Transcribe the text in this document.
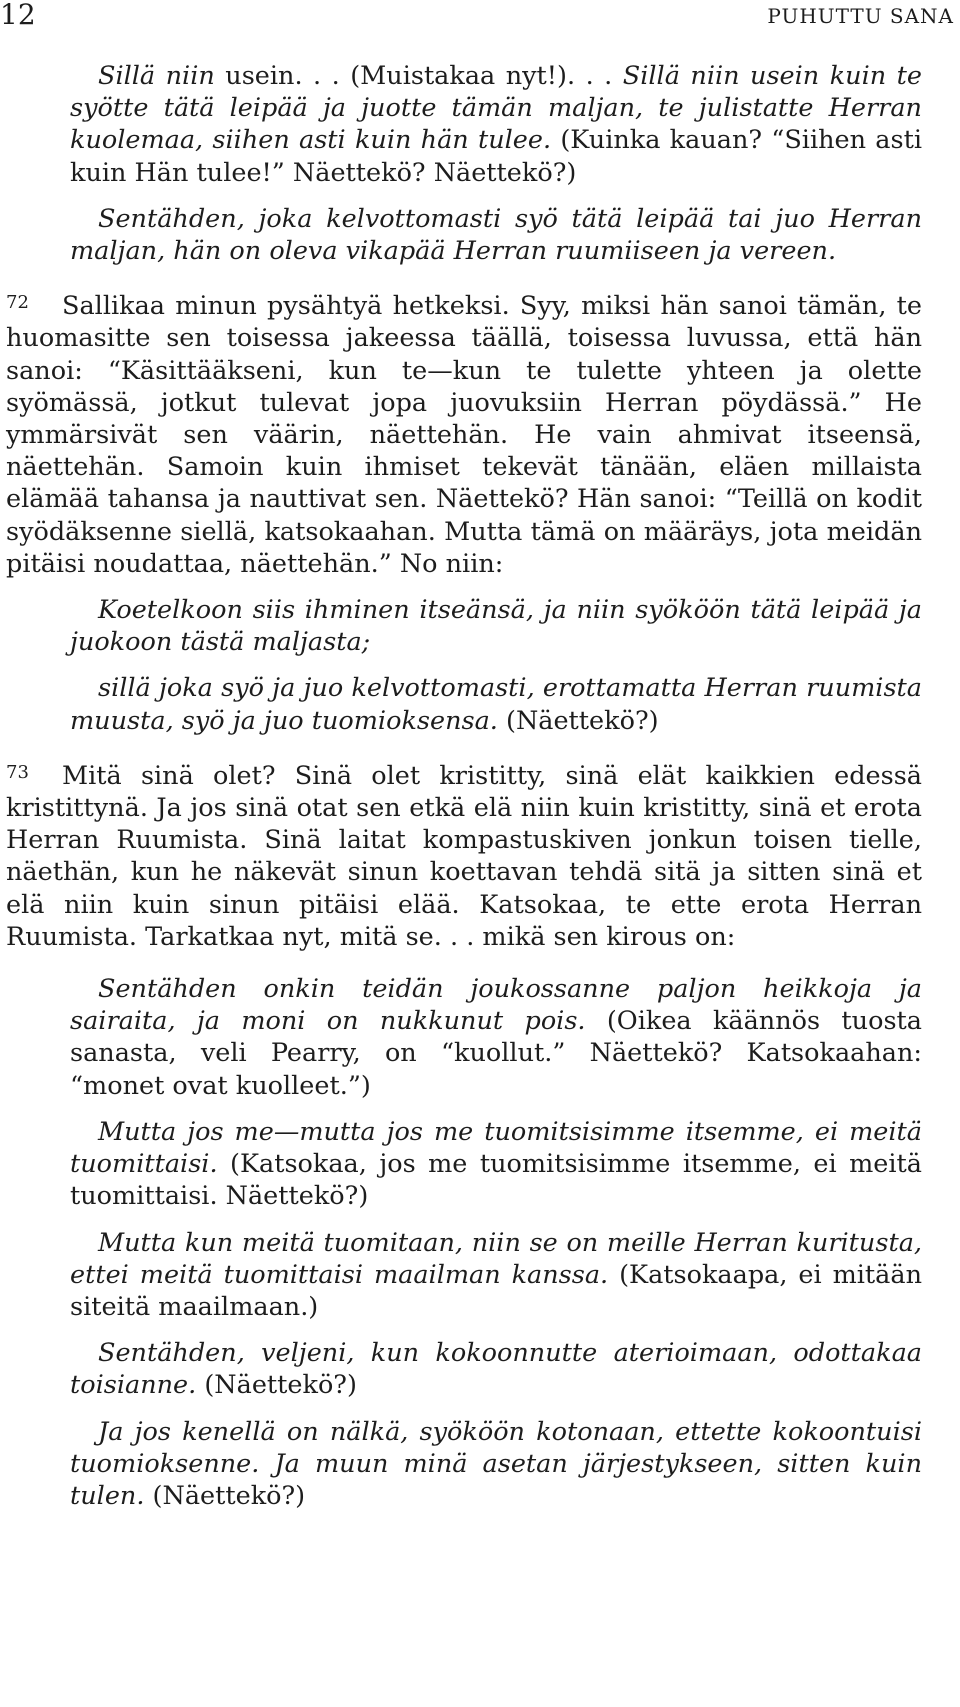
12	PUHUTTU SANA

Sillä niin usein. . . (Muistakaa nyt!). . . Sillä niin usein kuin te syötte tätä leipää ja juotte tämän maljan, te julistatte Herran kuolemaa, siihen asti kuin hän tulee. (Kuinka kauan? “Siihen asti kuin Hän tulee!” Näettekö? Näettekö?)

Sentähden, joka kelvottomasti syö tätä leipää tai juo Herran maljan, hän on oleva vikapää Herran ruumiiseen ja vereen.

72 Sallikaa minun pysähtyä hetkeksi. Syy, miksi hän sanoi tämän, te huomasitte sen toisessa jakeessa täällä, toisessa luvussa, että hän sanoi: “Käsittääkseni, kun te—kun te tulette yhteen ja olette syömässä, jotkut tulevat jopa juovuksiin Herran pöydässä.” He ymmärsivät sen väärin, näettehän. He vain ahmivat itseensä, näettehän. Samoin kuin ihmiset tekevät tänään, eläen millaista elämää tahansa ja nauttivat sen. Näettekö? Hän sanoi: “Teillä on kodit syödäksenne siellä, katsokaahan. Mutta tämä on määräys, jota meidän pitäisi noudattaa, näettehän.” No niin:

Koetelkoon siis ihminen itseänsä, ja niin syököön tätä leipää ja juokoon tästä maljasta;

sillä joka syö ja juo kelvottomasti, erottamatta Herran ruumista muusta, syö ja juo tuomioksensa. (Näettekö?)

73 Mitä sinä olet? Sinä olet kristitty, sinä elät kaikkien edessä kristittynä. Ja jos sinä otat sen etkä elä niin kuin kristitty, sinä et erota Herran Ruumista. Sinä laitat kompastuskiven jonkun toisen tielle, näethän, kun he näkevät sinun koettavan tehdä sitä ja sitten sinä et elä niin kuin sinun pitäisi elää. Katsokaa, te ette erota Herran Ruumista. Tarkatkaa nyt, mitä se. . . mikä sen kirous on:

Sentähden onkin teidän joukossanne paljon heikkoja ja sairaita, ja moni on nukkunut pois. (Oikea käännös tuosta sanasta, veli Pearry, on “kuollut.” Näettekö? Katsokaahan: “monet ovat kuolleet.”)

Mutta jos me—mutta jos me tuomitsisimme itsemme, ei meitä tuomittaisi. (Katsokaa, jos me tuomitsisimme itsemme, ei meitä tuomittaisi. Näettekö?)

Mutta kun meitä tuomitaan, niin se on meille Herran kuritusta, ettei meitä tuomittaisi maailman kanssa. (Katsokaapa, ei mitään siteitä maailmaan.)

Sentähden, veljeni, kun kokoonnutte aterioimaan, odottakaa toisianne. (Näettekö?)

Ja jos kenellä on nälkä, syököön kotonaan, ettette kokoontuisi tuomioksenne. Ja muun minä asetan järjestykseen, sitten kuin tulen. (Näettekö?)
